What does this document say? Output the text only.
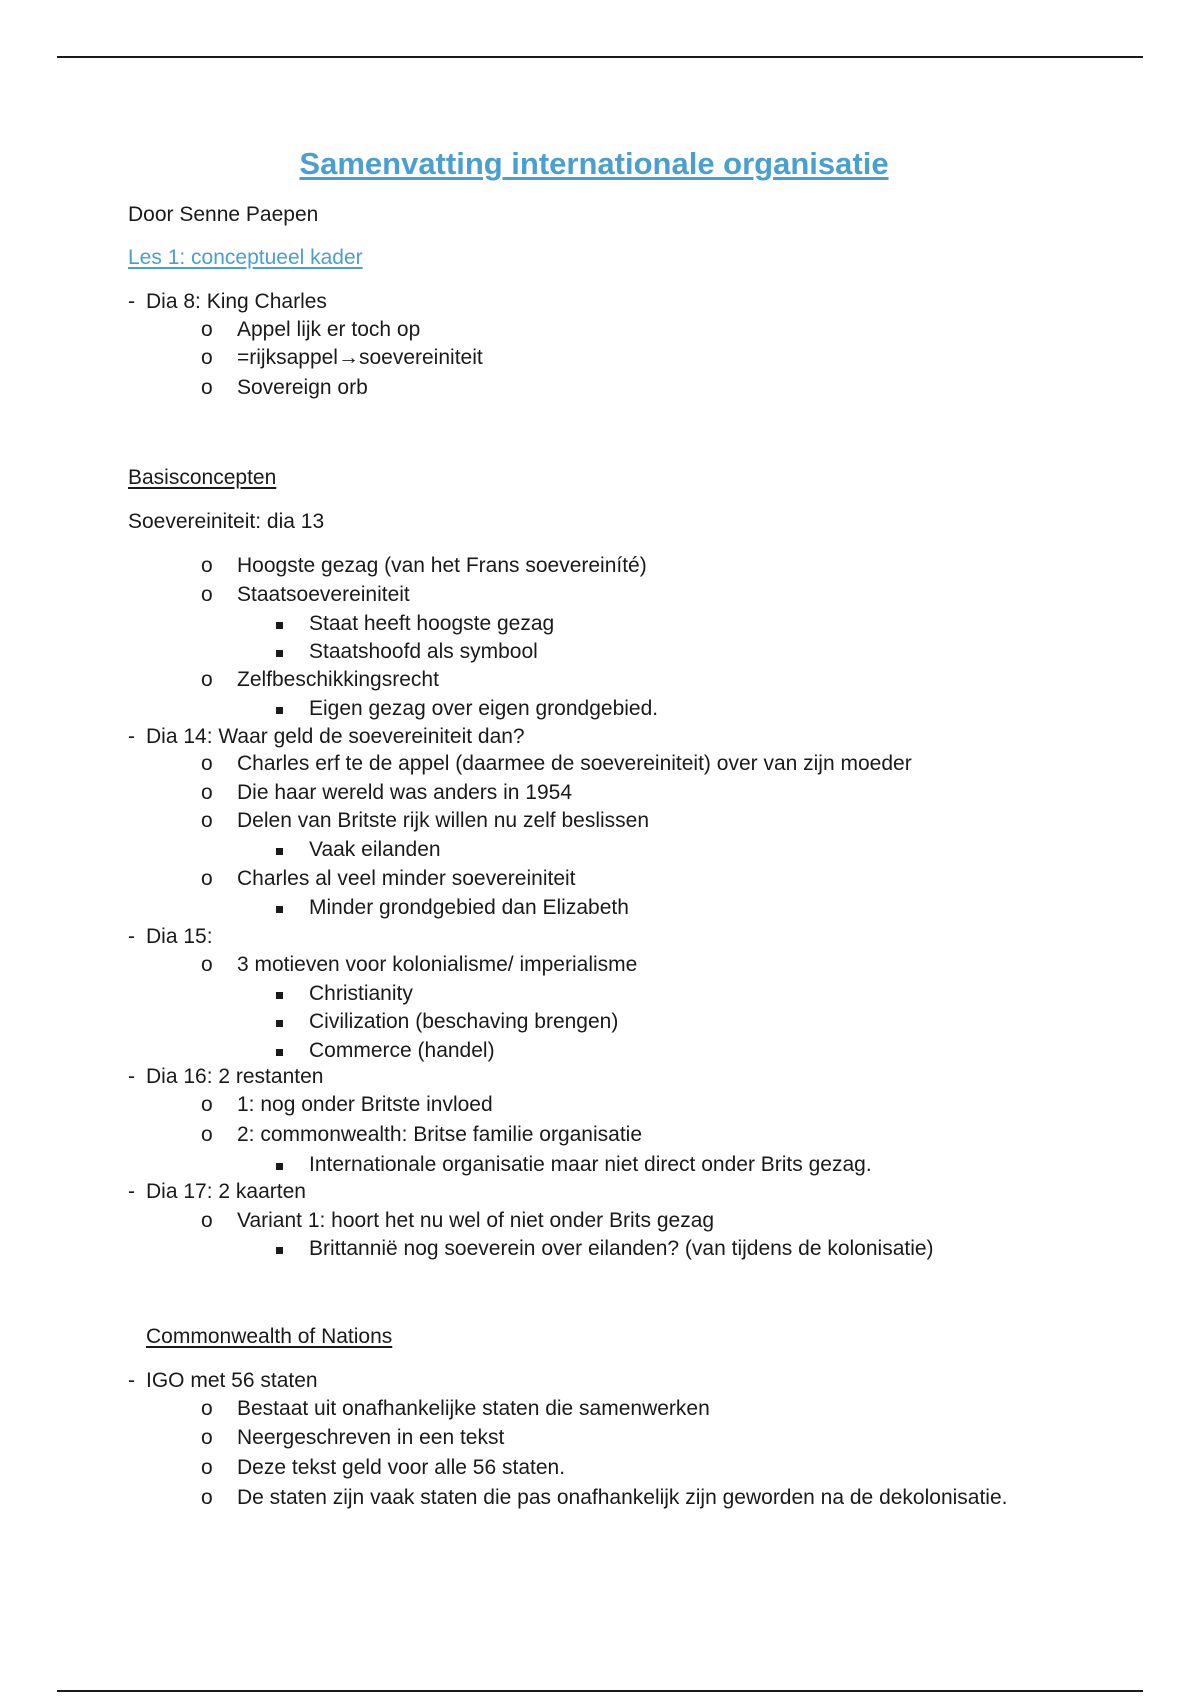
Samenvatting internationale organisatie

Door Senne Paepen

Les 1: conceptueel kader

- Dia 8: King Charles
o Appel lijk er toch op
o =rijksappel→soevereiniteit
o Sovereign orb

Basisconcepten

Soevereiniteit: dia 13

o Hoogste gezag (van het Frans soevereiníté)
o Staatsoevereiniteit
Staat heeft hoogste gezag
Staatshoofd als symbool
o Zelfbeschikkingsrecht
Eigen gezag over eigen grondgebied.
- Dia 14: Waar geld de soevereiniteit dan?
o Charles erf te de appel (daarmee de soevereiniteit) over van zijn moeder
o Die haar wereld was anders in 1954
o Delen van Britste rijk willen nu zelf beslissen
Vaak eilanden
o Charles al veel minder soevereiniteit
Minder grondgebied dan Elizabeth
- Dia 15:
o 3 motieven voor kolonialisme/ imperialisme
Christianity
Civilization (beschaving brengen)
Commerce (handel)
- Dia 16: 2 restanten
o 1: nog onder Britste invloed
o 2: commonwealth: Britse familie organisatie
Internationale organisatie maar niet direct onder Brits gezag.
- Dia 17: 2 kaarten
o Variant 1: hoort het nu wel of niet onder Brits gezag
Brittannië nog soeverein over eilanden? (van tijdens de kolonisatie)

Commonwealth of Nations

- IGO met 56 staten
o Bestaat uit onafhankelijke staten die samenwerken
o Neergeschreven in een tekst
o Deze tekst geld voor alle 56 staten.
o De staten zijn vaak staten die pas onafhankelijk zijn geworden na de dekolonisatie.
